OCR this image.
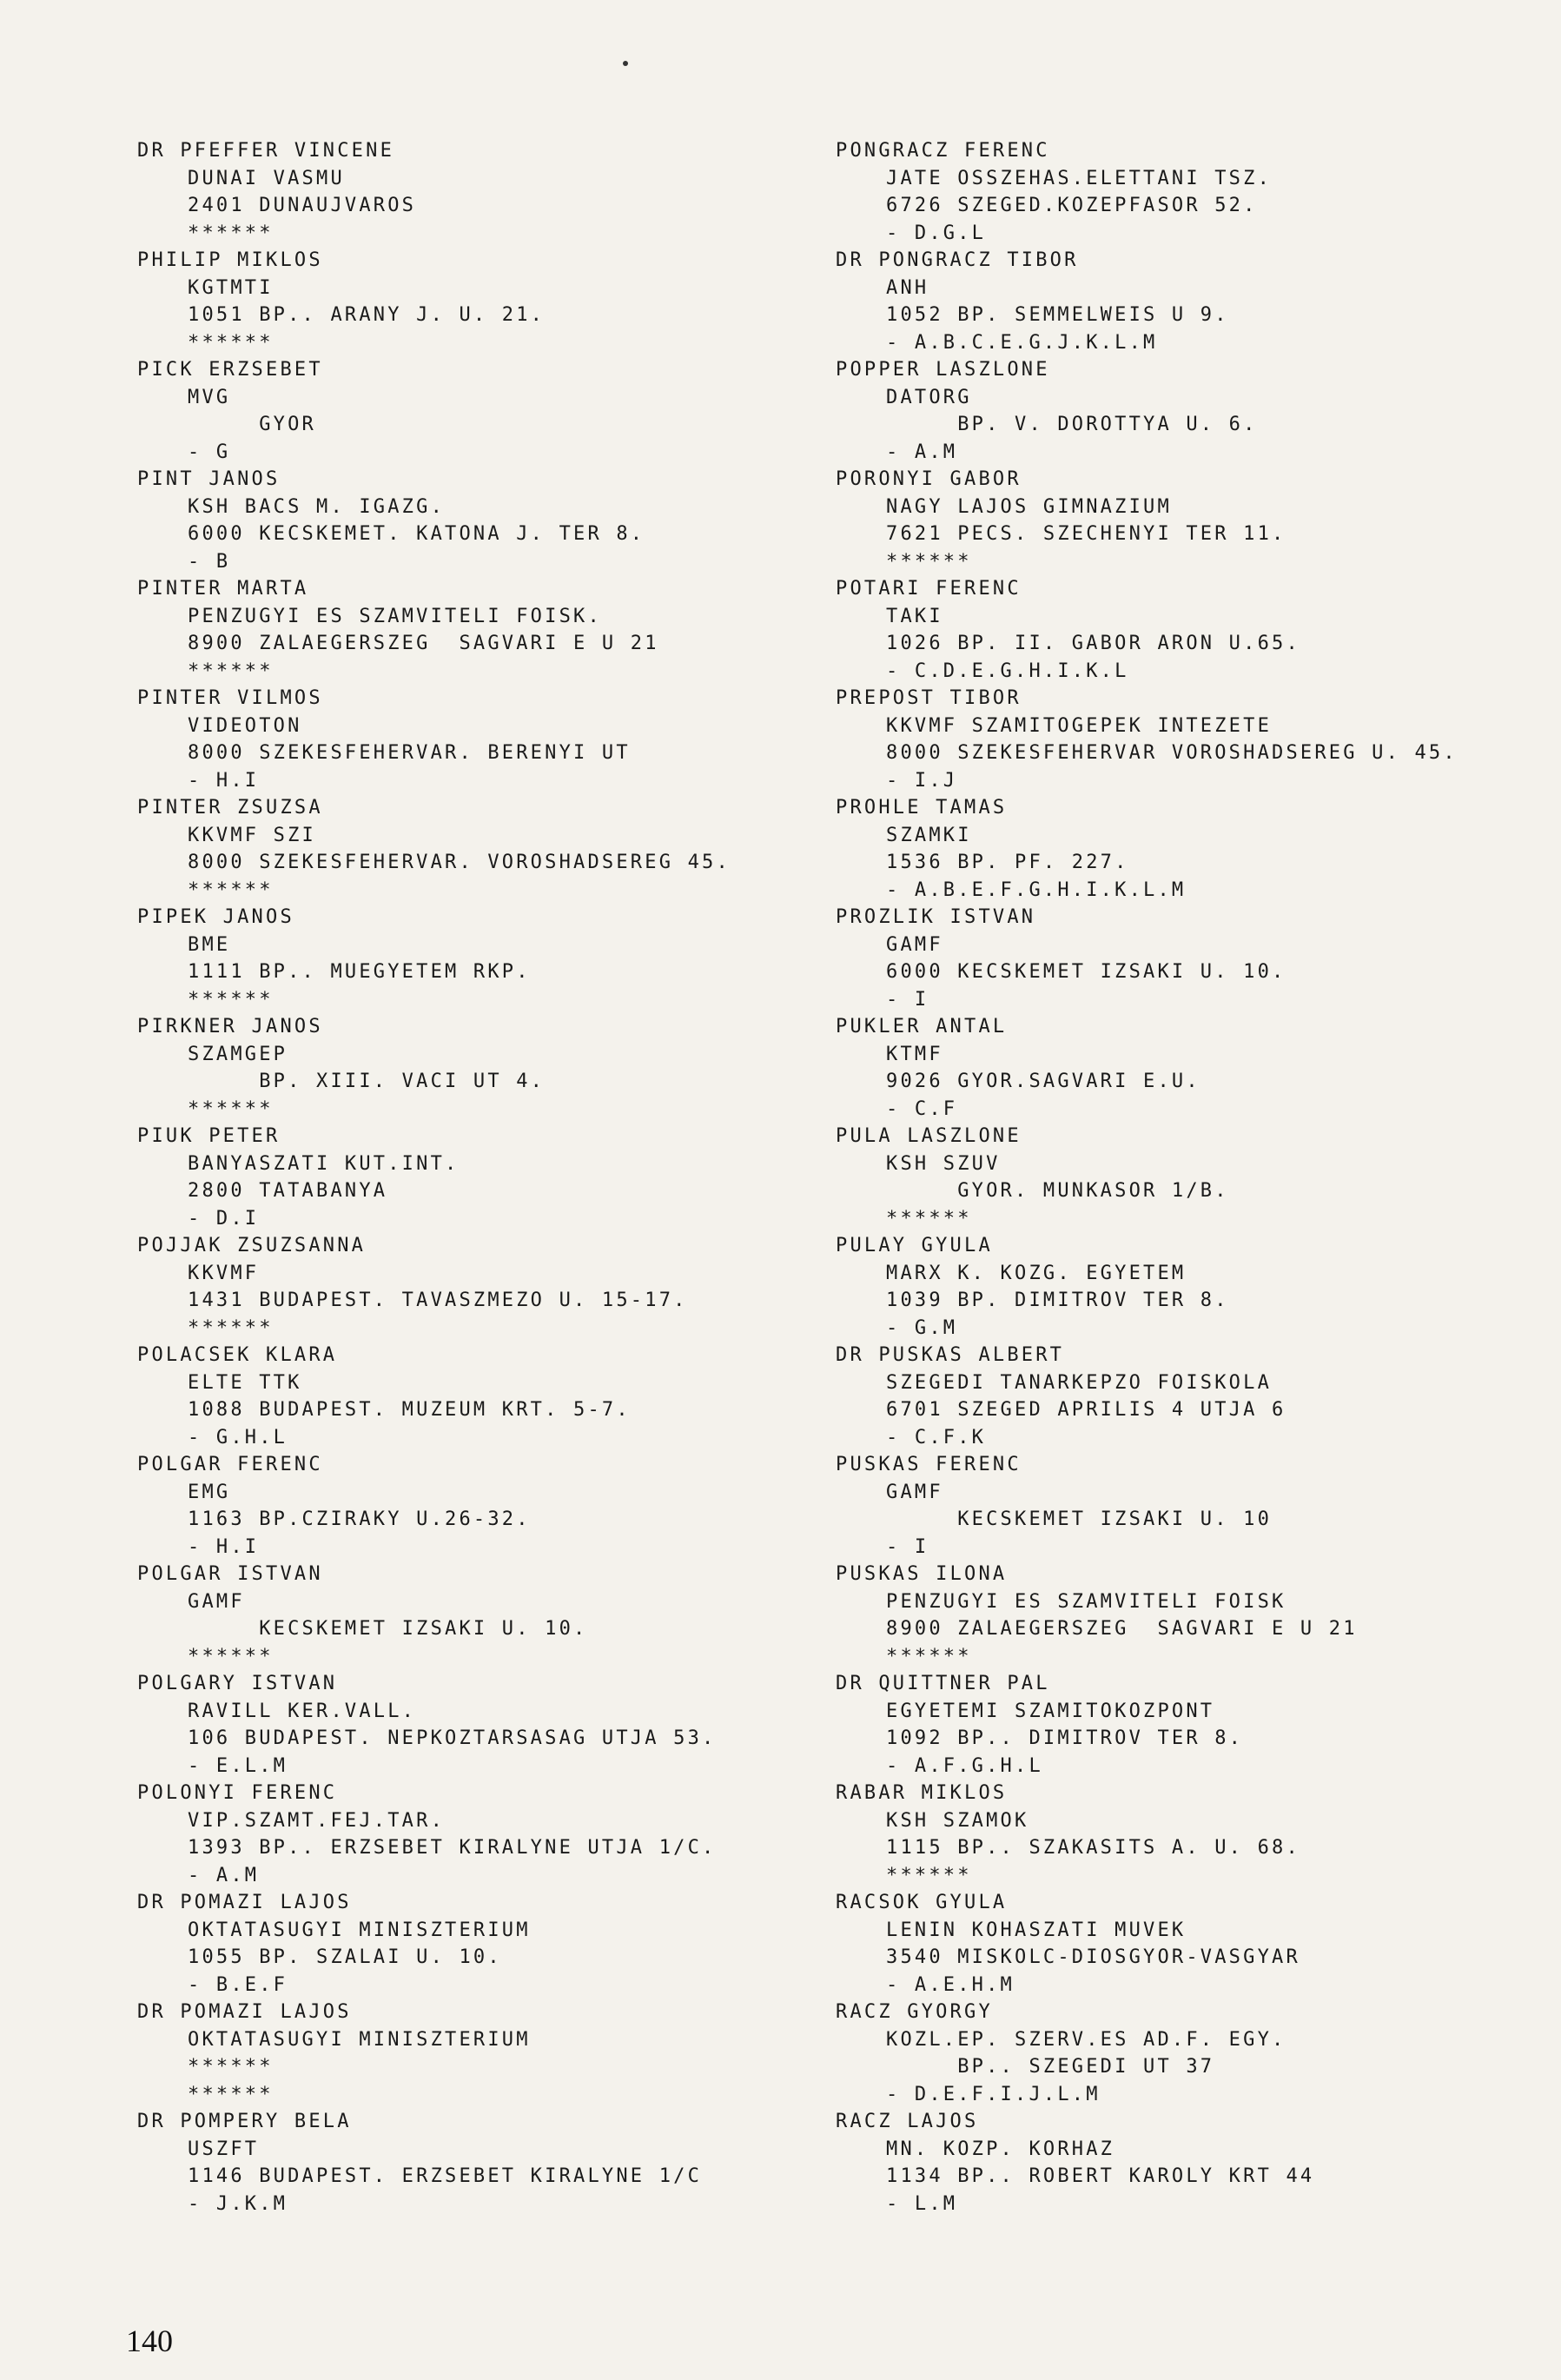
DR PFEFFER VINCENE
DUNAI VASMU
2401 DUNAUJVAROS
******
PHILIP MIKLOS
KGTMTI
1051 BP.. ARANY J. U. 21.
******
PICK ERZSEBET
MVG
GYOR
- G
PINT JANOS
KSH BACS M. IGAZG.
6000 KECSKEMET. KATONA J. TER 8.
- B
PINTER MARTA
PENZUGYI ES SZAMVITELI FOISK.
8900 ZALAEGERSZEG  SAGVARI E U 21
******
PINTER VILMOS
VIDEOTON
8000 SZEKESFEHERVAR. BERENYI UT
- H.I
PINTER ZSUZSA
KKVMF SZI
8000 SZEKESFEHERVAR. VOROSHADSEREG 45.
******
PIPEK JANOS
BME
1111 BP.. MUEGYETEM RKP.
******
PIRKNER JANOS
SZAMGEP
BP. XIII. VACI UT 4.
******
PIUK PETER
BANYASZATI KUT.INT.
2800 TATABANYA
- D.I
POJJAK ZSUZSANNA
KKVMF
1431 BUDAPEST. TAVASZMEZO U. 15-17.
******
POLACSEK KLARA
ELTE TTK
1088 BUDAPEST. MUZEUM KRT. 5-7.
- G.H.L
POLGAR FERENC
EMG
1163 BP.CZIRAKY U.26-32.
- H.I
POLGAR ISTVAN
GAMF
KECSKEMET IZSAKI U. 10.
******
POLGARY ISTVAN
RAVILL KER.VALL.
106 BUDAPEST. NEPKOZTARSASAG UTJA 53.
- E.L.M
POLONYI FERENC
VIP.SZAMT.FEJ.TAR.
1393 BP.. ERZSEBET KIRALYNE UTJA 1/C.
- A.M
DR POMAZI LAJOS
OKTATASUGYI MINISZTERIUM
1055 BP. SZALAI U. 10.
- B.E.F
DR POMAZI LAJOS
OKTATASUGYI MINISZTERIUM
******
******
DR POMPERY BELA
USZFT
1146 BUDAPEST. ERZSEBET KIRALYNE 1/C
- J.K.M
PONGRACZ FERENC
JATE OSSZEHAS.ELETTANI TSZ.
6726 SZEGED.KOZEPFASOR 52.
- D.G.L
DR PONGRACZ TIBOR
ANH
1052 BP. SEMMELWEIS U 9.
- A.B.C.E.G.J.K.L.M
POPPER LASZLONE
DATORG
BP. V. DOROTTYA U. 6.
- A.M
PORONYI GABOR
NAGY LAJOS GIMNAZIUM
7621 PECS. SZECHENYI TER 11.
******
POTARI FERENC
TAKI
1026 BP. II. GABOR ARON U.65.
- C.D.E.G.H.I.K.L
PREPOST TIBOR
KKVMF SZAMITOGEPEK INTEZETE
8000 SZEKESFEHERVAR VOROSHADSEREG U. 45.
- I.J
PROHLE TAMAS
SZAMKI
1536 BP. PF. 227.
- A.B.E.F.G.H.I.K.L.M
PROZLIK ISTVAN
GAMF
6000 KECSKEMET IZSAKI U. 10.
- I
PUKLER ANTAL
KTMF
9026 GYOR.SAGVARI E.U.
- C.F
PULA LASZLONE
KSH SZUV
GYOR. MUNKASOR 1/B.
******
PULAY GYULA
MARX K. KOZG. EGYETEM
1039 BP. DIMITROV TER 8.
- G.M
DR PUSKAS ALBERT
SZEGEDI TANARKEPZO FOISKOLA
6701 SZEGED APRILIS 4 UTJA 6
- C.F.K
PUSKAS FERENC
GAMF
KECSKEMET IZSAKI U. 10
- I
PUSKAS ILONA
PENZUGYI ES SZAMVITELI FOISK
8900 ZALAEGERSZEG  SAGVARI E U 21
******
DR QUITTNER PAL
EGYETEMI SZAMITOKOZPONT
1092 BP.. DIMITROV TER 8.
- A.F.G.H.L
RABAR MIKLOS
KSH SZAMOK
1115 BP.. SZAKASITS A. U. 68.
******
RACSOK GYULA
LENIN KOHASZATI MUVEK
3540 MISKOLC-DIOSGYOR-VASGYAR
- A.E.H.M
RACZ GYORGY
KOZL.EP. SZERV.ES AD.F. EGY.
BP.. SZEGEDI UT 37
- D.E.F.I.J.L.M
RACZ LAJOS
MN. KOZP. KORHAZ
1134 BP.. ROBERT KAROLY KRT 44
- L.M
140
